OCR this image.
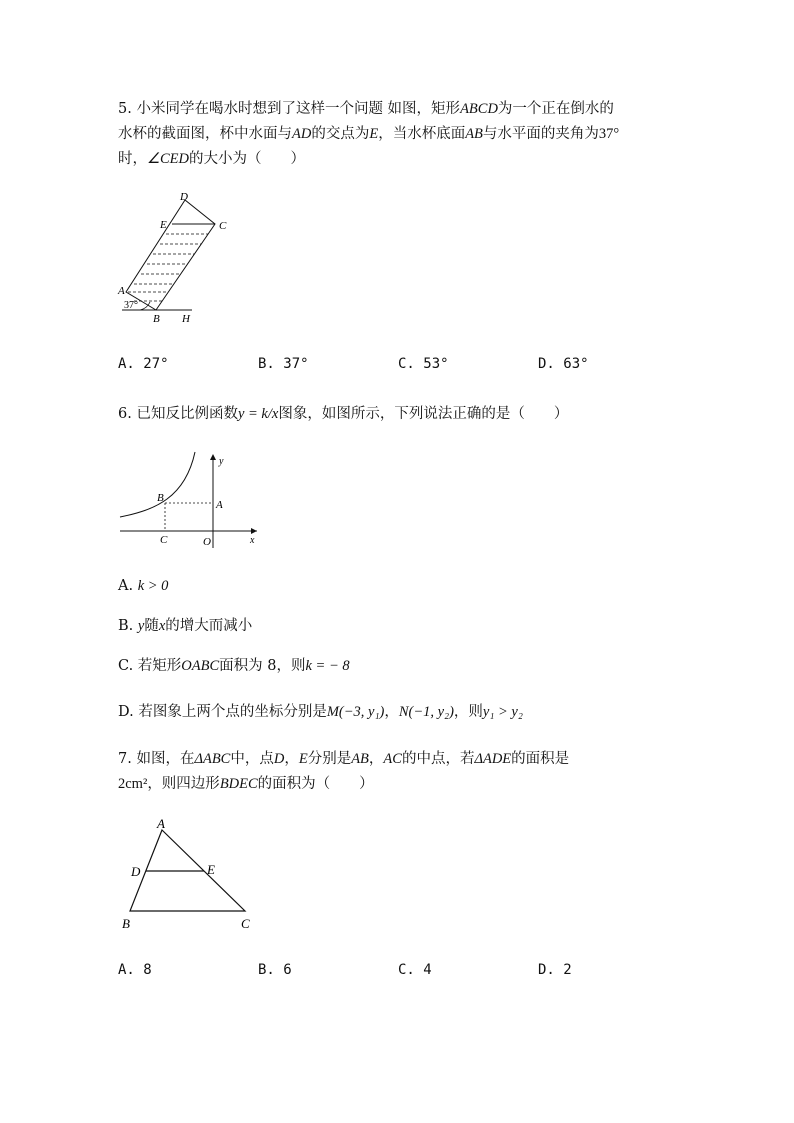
5. 小米同学在喝水时想到了这样一个问题 如图，矩形ABCD为一个正在倒水的
水杯的截面图，杯中水面与AD的交点为E，当水杯底面AB与水平面的夹角为37°
时，∠CED的大小为（　　）
D
E	C
A
37°
B H
A. 27°	B. 37°	C. 53°	D. 63°
6. 已知反比例函数y = k/x图象，如图所示，下列说法正确的是（　　）
y
x
O
A
B
C
A. k > 0
B. y随x的增大而减小
C. 若矩形OABC面积为 8，则k = − 8
D. 若图象上两个点的坐标分别是M(−3, y₁)，N(−1, y₂)，则y₁ > y₂
7. 如图，在ΔABC中，点D，E分别是AB，AC的中点，若ΔADE的面积是
2cm²，则四边形BDEC的面积为（　　）
A
D	E
B	C
A. 8	B. 6	C. 4	D. 2
